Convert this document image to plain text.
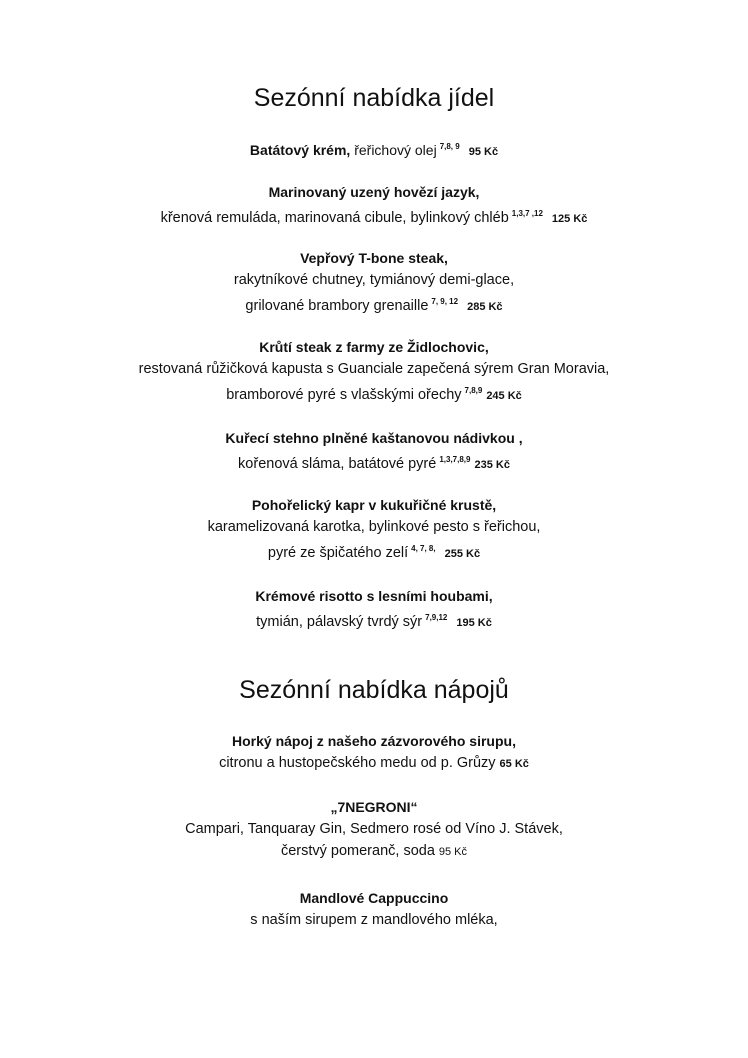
Sezónní nabídka jídel
Batátový krém, řeřichový olej $^{7,8, 9}$ 95 Kč
Marinovaný uzený hovězí jazyk,
křenová remuláda, marinovaná cibule, bylinkový chléb $^{1,3,7 ,12}$ 125 Kč
Vepřový T-bone steak,
rakytníkové chutney, tymiánový demi-glace,
grilované brambory grenaille $^{7, 9, 12}$ 285 Kč
Krůtí steak z farmy ze Židlochovic,
restovaná růžičková kapusta s Guanciale zapečená sýrem Gran Moravia,
bramborové pyré s vlašskými ořechy $^{7,8,9}$ 245 Kč
Kuřecí stehno plněné kaštanovou nádivkou ,
kořenová sláma, batátové pyré $^{1,3,7,8,9}$ 235 Kč
Pohořelický kapr v kukuřičné krustě,
karamelizovaná karotka, bylinkové pesto s řeřichou,
pyré ze špičatého zelí $^{4, 7, 8,}$ 255 Kč
Krémové risotto s lesními houbami,
tymián, pálavský tvrdý sýr $^{7,9,12}$ 195 Kč
Sezónní nabídka nápojů
Horký nápoj z našeho zázvorového sirupu,
citronu a hustopečského medu od p. Grůzy 65 Kč
„7NEGRONI“
Campari, Tanquaray Gin, Sedmero rosé od Víno J. Stávek,
čerstvý pomeranč, soda 95 Kč
Mandlové Cappuccino
s naším sirupem z mandlového mléka,
